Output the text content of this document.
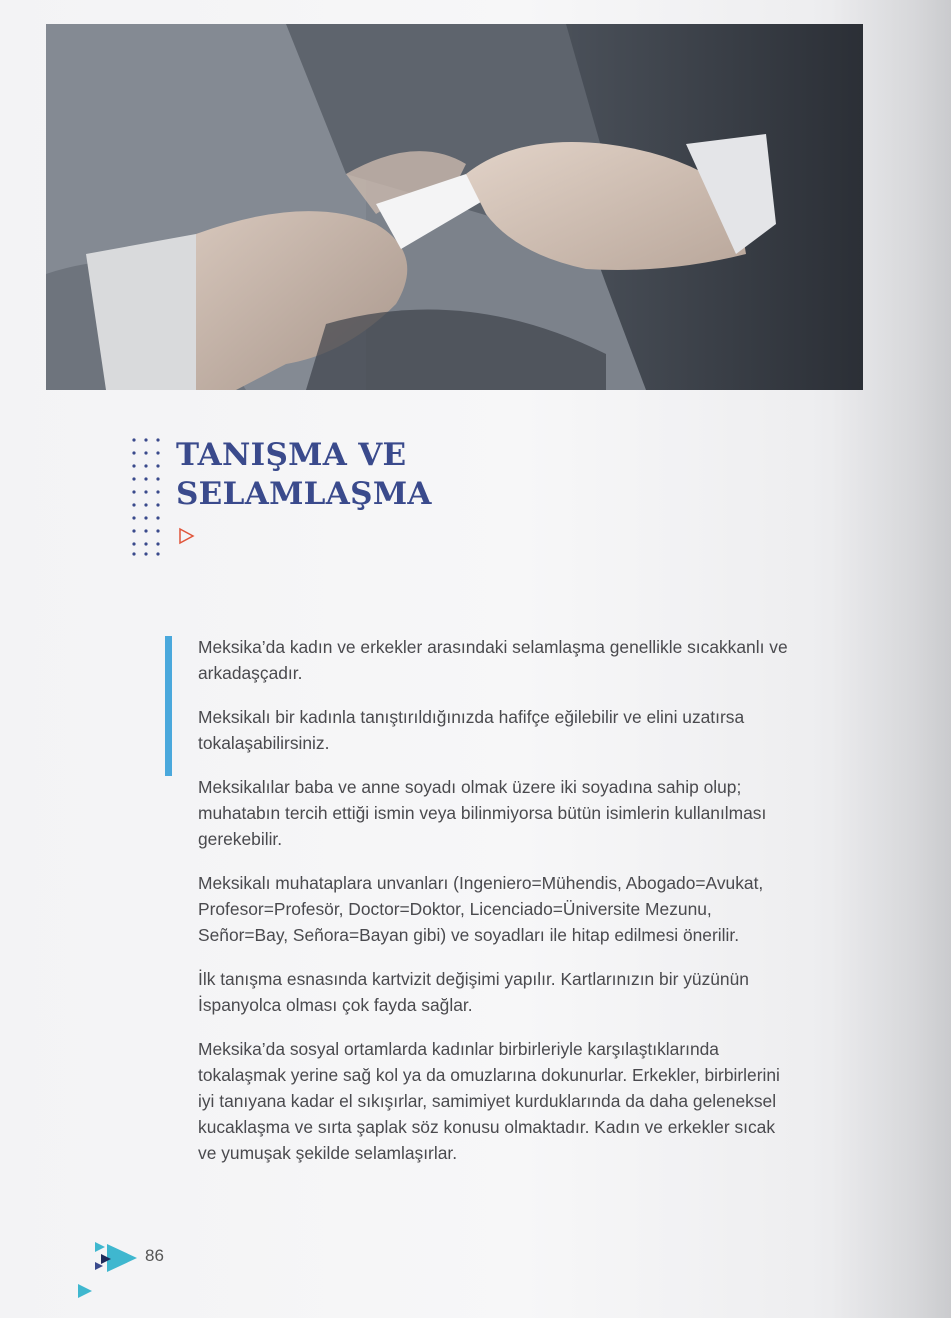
TANIŞMA VE
SELAMLAŞMA

Meksika’da kadın ve erkekler arasındaki selamlaşma genellikle sıcakkanlı ve arkadaşçadır.

Meksikalı bir kadınla tanıştırıldığınızda hafifçe eğilebilir ve elini uzatırsa tokalaşabilirsiniz.

Meksikalılar baba ve anne soyadı olmak üzere iki soyadına sahip olup; muhatabın tercih ettiği ismin veya bilinmiyorsa bütün isimlerin kullanılması gerekebilir.

Meksikalı muhataplara unvanları (Ingeniero=Mühendis, Abogado=Avukat, Profesor=Profesör, Doctor=Doktor, Licenciado=Üniversite Mezunu, Señor=Bay, Señora=Bayan gibi) ve soyadları ile hitap edilmesi önerilir.

İlk tanışma esnasında kartvizit değişimi yapılır. Kartlarınızın bir yüzünün İspanyolca olması çok fayda sağlar.

Meksika’da sosyal ortamlarda kadınlar birbirleriyle karşılaştıklarında tokalaşmak yerine sağ kol ya da omuzlarına dokunurlar. Erkekler, birbirlerini iyi tanıyana kadar el sıkışırlar, samimiyet kurduklarında da daha geleneksel kucaklaşma ve sırta şaplak söz konusu olmaktadır. Kadın ve erkekler sıcak ve yumuşak şekilde selamlaşırlar.

86
